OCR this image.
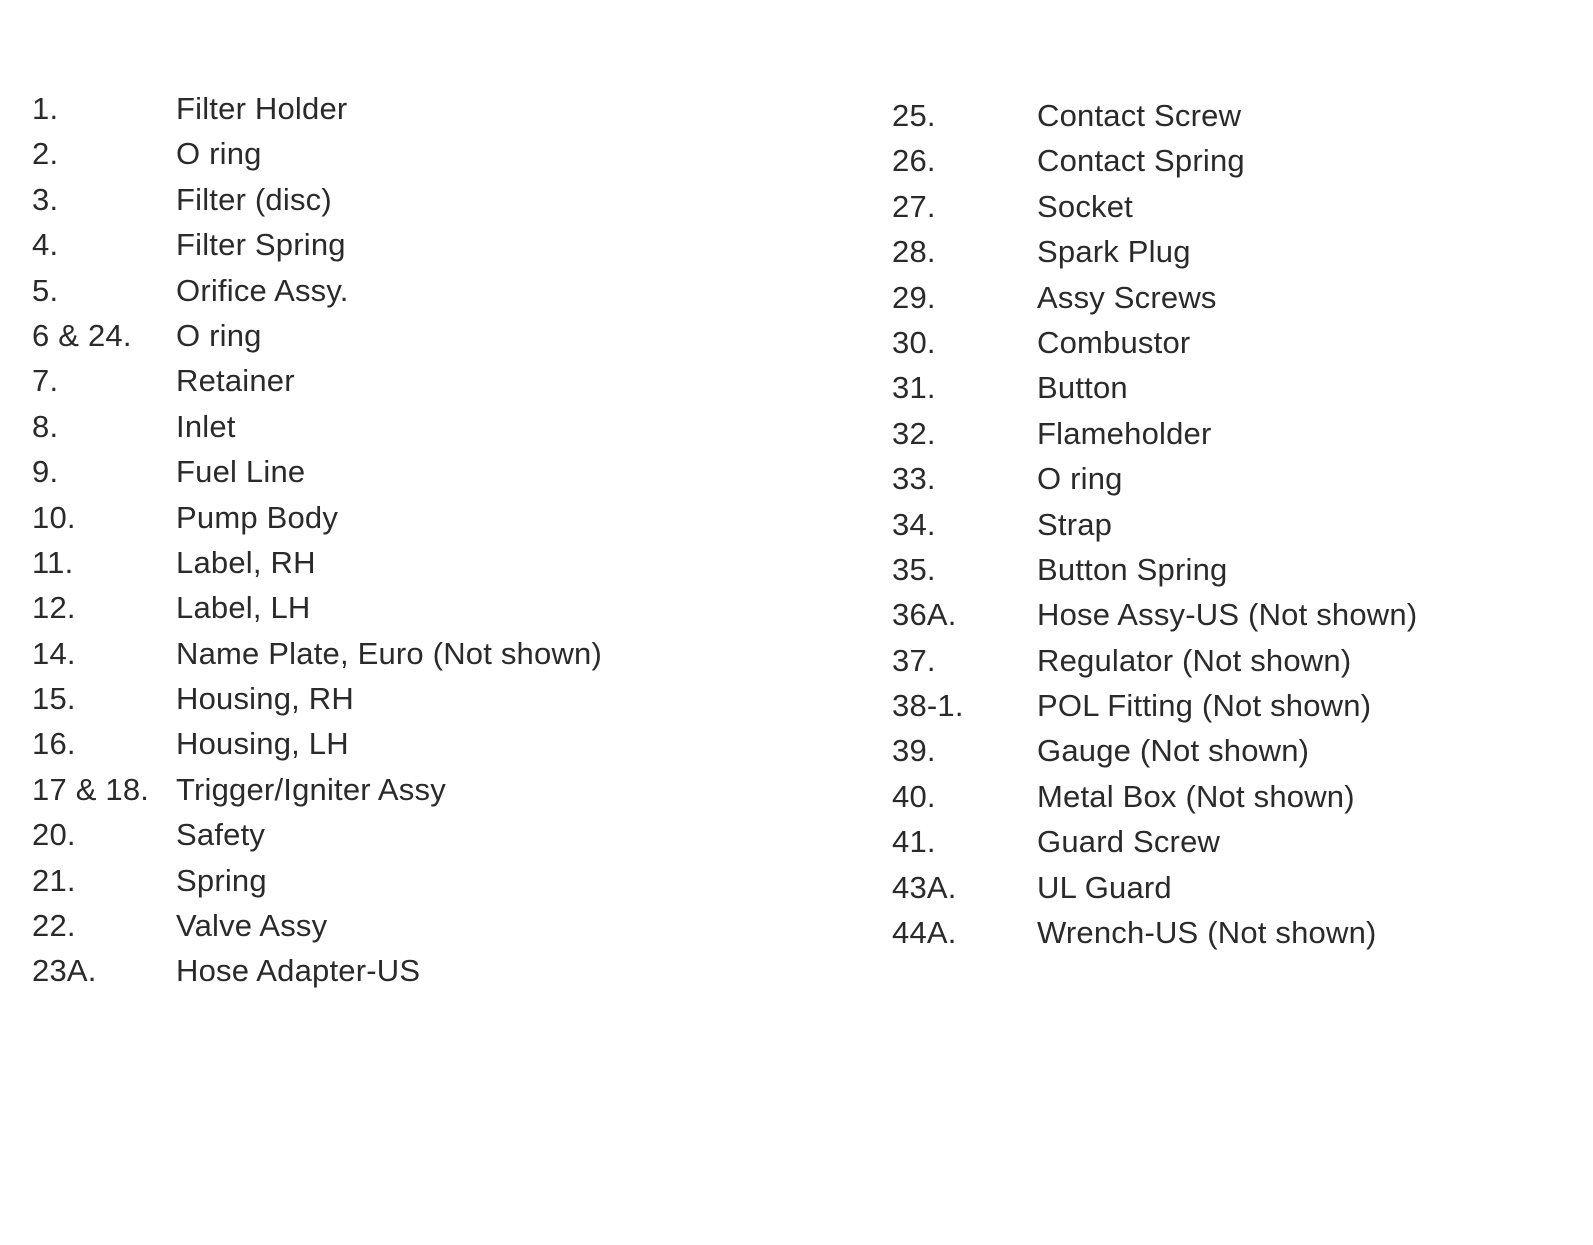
1.	Filter Holder
2.	O ring
3.	Filter (disc)
4.	Filter Spring
5.	Orifice Assy.
6 & 24. O ring
7.	Retainer
8.	Inlet
9.	Fuel Line
10.	Pump Body
11.	Label, RH
12.	Label, LH
14.	Name Plate, Euro (Not shown)
15.	Housing, RH
16.	Housing, LH
17 & 18. Trigger/Igniter Assy
20.	Safety
21.	Spring
22.	Valve Assy
23A.	Hose Adapter-US
25.	Contact Screw
26.	Contact Spring
27.	Socket
28.	Spark Plug
29.	Assy Screws
30.	Combustor
31.	Button
32.	Flameholder
33.	O ring
34.	Strap
35.	Button Spring
36A.	Hose Assy-US (Not shown)
37.	Regulator (Not shown)
38-1. POL Fitting (Not shown)
39.	Gauge (Not shown)
40.	Metal Box (Not shown)
41.	Guard Screw
43A.	UL Guard
44A.	Wrench-US (Not shown)
